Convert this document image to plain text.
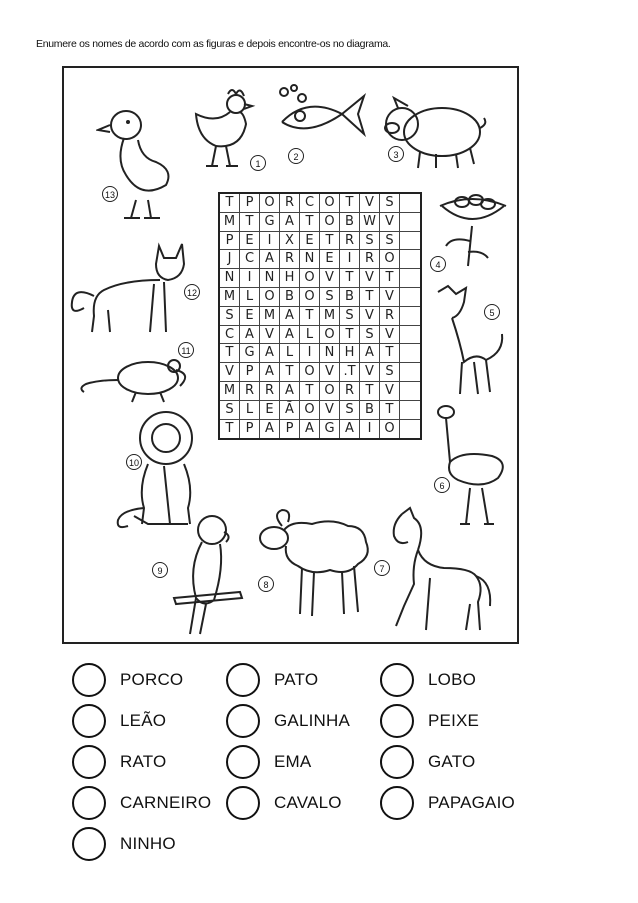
Enumere os nomes de acordo com as figuras e depois encontre-os no diagrama.
T P O R C O T V S
M T G A T O B W V
P E	I	X E T R S S
J	C A R N E	I	R O
N	I	N H O V T V T
M L O B O S B T V
S E M A T M S V R
C A V A L O T S V
T G A L	I	N H A T
V P A T O V .T V S
M R R A T O R T V
S L E Ã O V S B T
T P A P A G A	I O
1
2	3
4
5
6
7
8
9
10
11
12
13
PORCO
LEÃO
RATO
CARNEIRO
NINHO
PATO
GALINHA
EMA
CAVALO
LOBO
PEIXE
GATO
PAPAGAIO
